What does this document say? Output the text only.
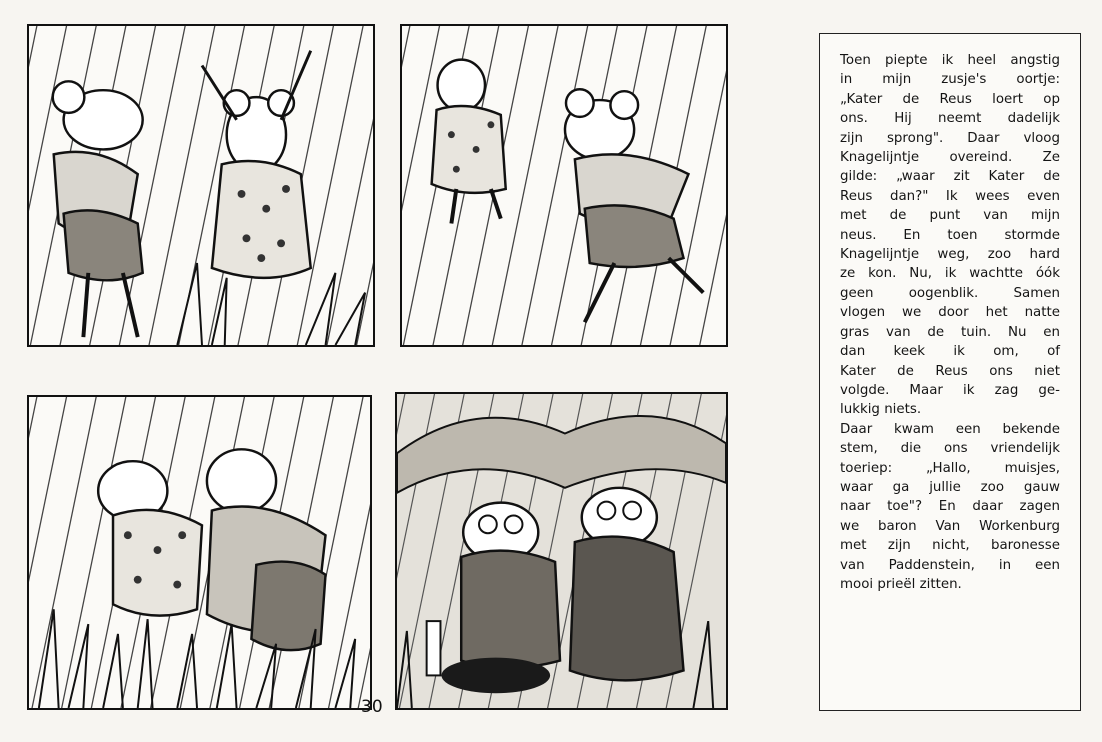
30

Toen piepte ik heel angstig
in mijn zusje's oortje:
„Kater de Reus loert op
ons. Hij neemt dadelijk
zijn sprong". Daar vloog
Knagelijntje overeind. Ze
gilde: „waar zit Kater de
Reus dan?" Ik wees even
met de punt van mijn
neus. En toen stormde
Knagelijntje weg, zoo hard
ze kon. Nu, ik wachtte óók
geen oogenblik. Samen
vlogen we door het natte
gras van de tuin. Nu en
dan keek ik om, of
Kater de Reus ons niet
volgde. Maar ik zag ge-
lukkig niets.
Daar kwam een bekende
stem, die ons vriendelijk
toeriep: „Hallo, muisjes,
waar ga jullie zoo gauw
naar toe"? En daar zagen
we baron Van Workenburg
met zijn nicht, baronesse
van Paddenstein, in een
mooi prieël zitten.
